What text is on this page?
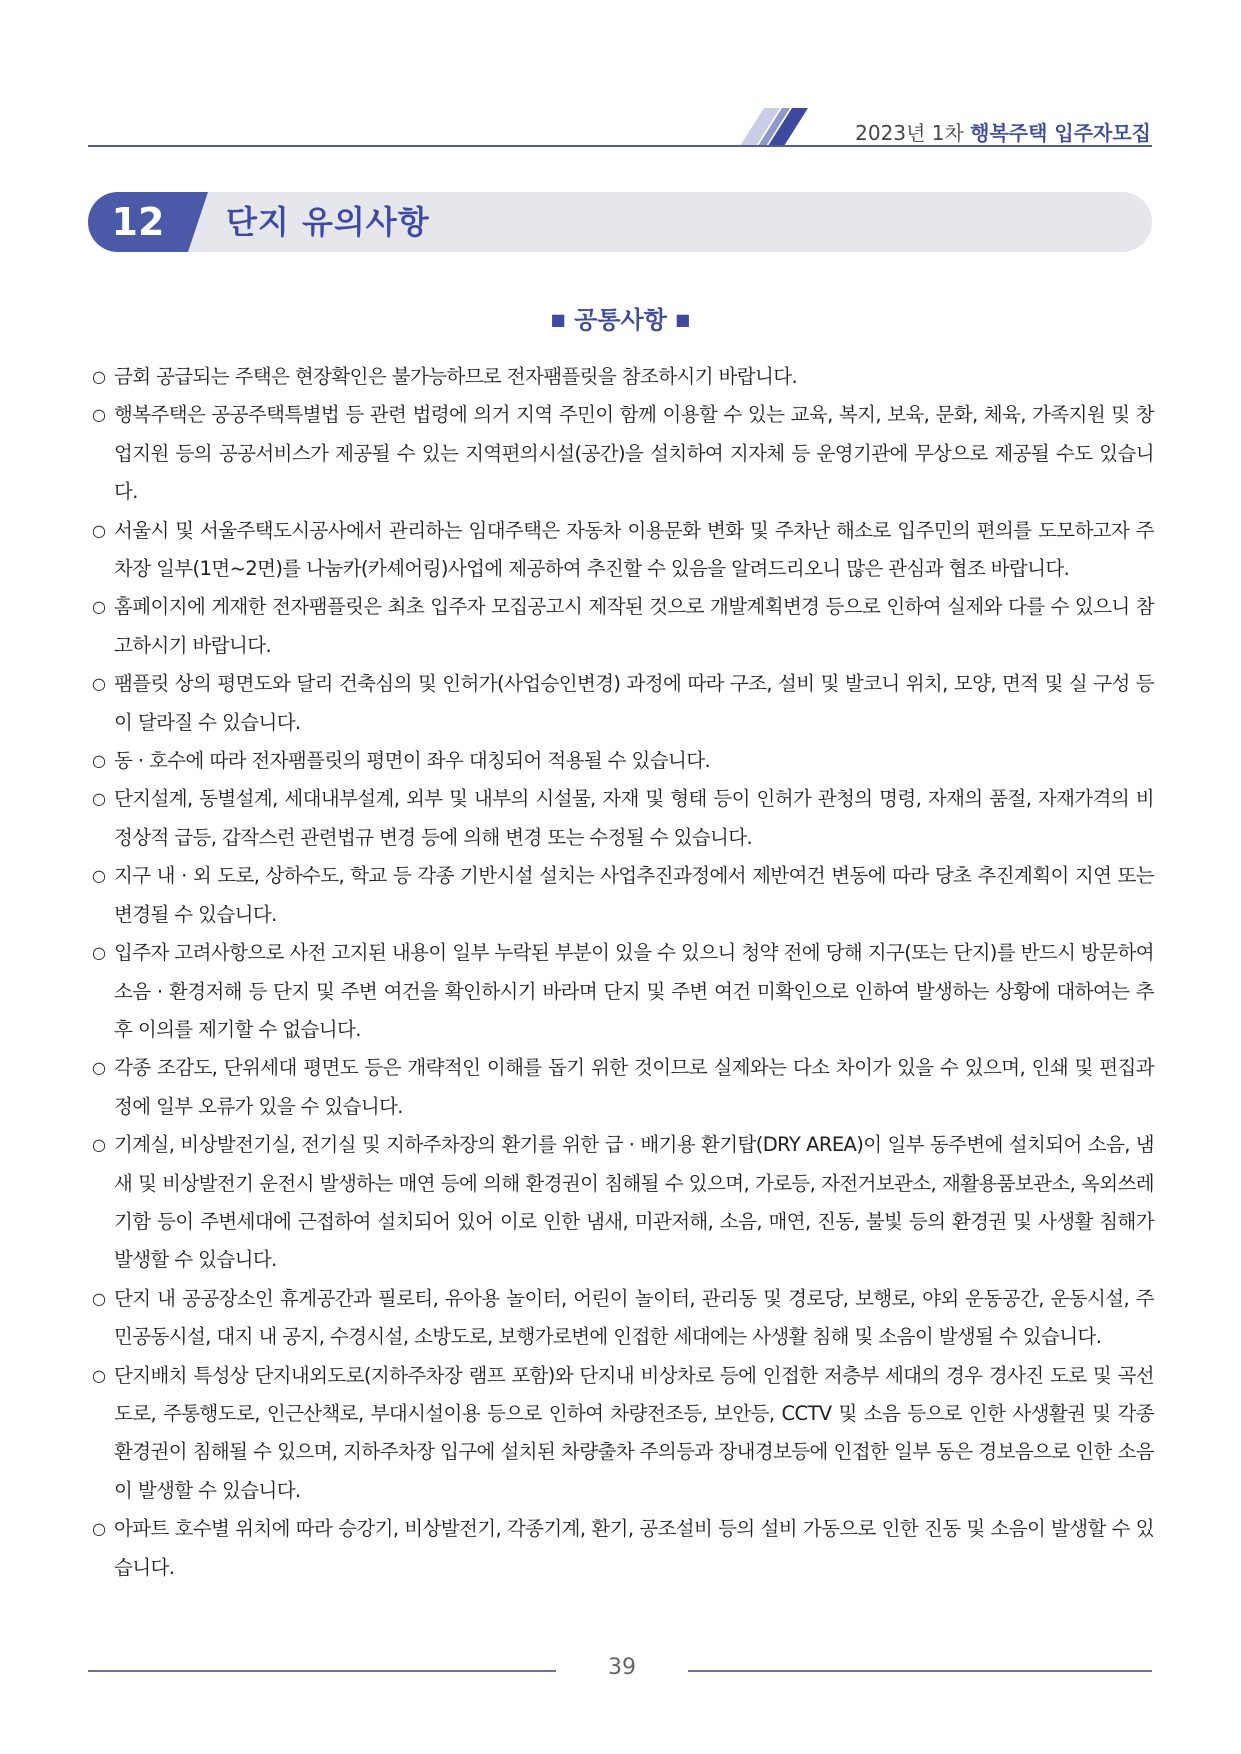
2023년 1차 행복주택 입주자모집
12	단지 유의사항
■ 공통사항 ■
○ 금회 공급되는 주택은 현장확인은 불가능하므로 전자팸플릿을 참조하시기 바랍니다.
○ 행복주택은 공공주택특별법 등 관련 법령에 의거 지역 주민이 함께 이용할 수 있는 교육, 복지, 보육, 문화, 체육, 가족지원 및 창업지원 등의 공공서비스가 제공될 수 있는 지역편의시설(공간)을 설치하여 지자체 등 운영기관에 무상으로 제공될 수도 있습니다.
○ 서울시 및 서울주택도시공사에서 관리하는 임대주택은 자동차 이용문화 변화 및 주차난 해소로 입주민의 편의를 도모하고자 주차장 일부(1면~2면)를 나눔카(카셰어링)사업에 제공하여 추진할 수 있음을 알려드리오니 많은 관심과 협조 바랍니다.
○ 홈페이지에 게재한 전자팸플릿은 최초 입주자 모집공고시 제작된 것으로 개발계획변경 등으로 인하여 실제와 다를 수 있으니 참고하시기 바랍니다.
○ 팸플릿 상의 평면도와 달리 건축심의 및 인허가(사업승인변경) 과정에 따라 구조, 설비 및 발코니 위치, 모양, 면적 및 실 구성 등이 달라질 수 있습니다.
○ 동 · 호수에 따라 전자팸플릿의 평면이 좌우 대칭되어 적용될 수 있습니다.
○ 단지설계, 동별설계, 세대내부설계, 외부 및 내부의 시설물, 자재 및 형태 등이 인허가 관청의 명령, 자재의 품절, 자재가격의 비정상적 급등, 갑작스런 관련법규 변경 등에 의해 변경 또는 수정될 수 있습니다.
○ 지구 내 · 외 도로, 상하수도, 학교 등 각종 기반시설 설치는 사업추진과정에서 제반여건 변동에 따라 당초 추진계획이 지연 또는 변경될 수 있습니다.
○ 입주자 고려사항으로 사전 고지된 내용이 일부 누락된 부분이 있을 수 있으니 청약 전에 당해 지구(또는 단지)를 반드시 방문하여 소음 · 환경저해 등 단지 및 주변 여건을 확인하시기 바라며 단지 및 주변 여건 미확인으로 인하여 발생하는 상황에 대하여는 추후 이의를 제기할 수 없습니다.
○ 각종 조감도, 단위세대 평면도 등은 개략적인 이해를 돕기 위한 것이므로 실제와는 다소 차이가 있을 수 있으며, 인쇄 및 편집과정에 일부 오류가 있을 수 있습니다.
○ 기계실, 비상발전기실, 전기실 및 지하주차장의 환기를 위한 급 · 배기용 환기탑(DRY AREA)이 일부 동주변에 설치되어 소음, 냄새 및 비상발전기 운전시 발생하는 매연 등에 의해 환경권이 침해될 수 있으며, 가로등, 자전거보관소, 재활용품보관소, 옥외쓰레기함 등이 주변세대에 근접하여 설치되어 있어 이로 인한 냄새, 미관저해, 소음, 매연, 진동, 불빛 등의 환경권 및 사생활 침해가 발생할 수 있습니다.
○ 단지 내 공공장소인 휴게공간과 필로티, 유아용 놀이터, 어린이 놀이터, 관리동 및 경로당, 보행로, 야외 운동공간, 운동시설, 주민공동시설, 대지 내 공지, 수경시설, 소방도로, 보행가로변에 인접한 세대에는 사생활 침해 및 소음이 발생될 수 있습니다.
○ 단지배치 특성상 단지내외도로(지하주차장 램프 포함)와 단지내 비상차로 등에 인접한 저층부 세대의 경우 경사진 도로 및 곡선도로, 주통행도로, 인근산책로, 부대시설이용 등으로 인하여 차량전조등, 보안등, CCTV 및 소음 등으로 인한 사생활권 및 각종 환경권이 침해될 수 있으며, 지하주차장 입구에 설치된 차량출차 주의등과 장내경보등에 인접한 일부 동은 경보음으로 인한 소음이 발생할 수 있습니다.
○ 아파트 호수별 위치에 따라 승강기, 비상발전기, 각종기계, 환기, 공조설비 등의 설비 가동으로 인한 진동 및 소음이 발생할 수 있습니다.
39
